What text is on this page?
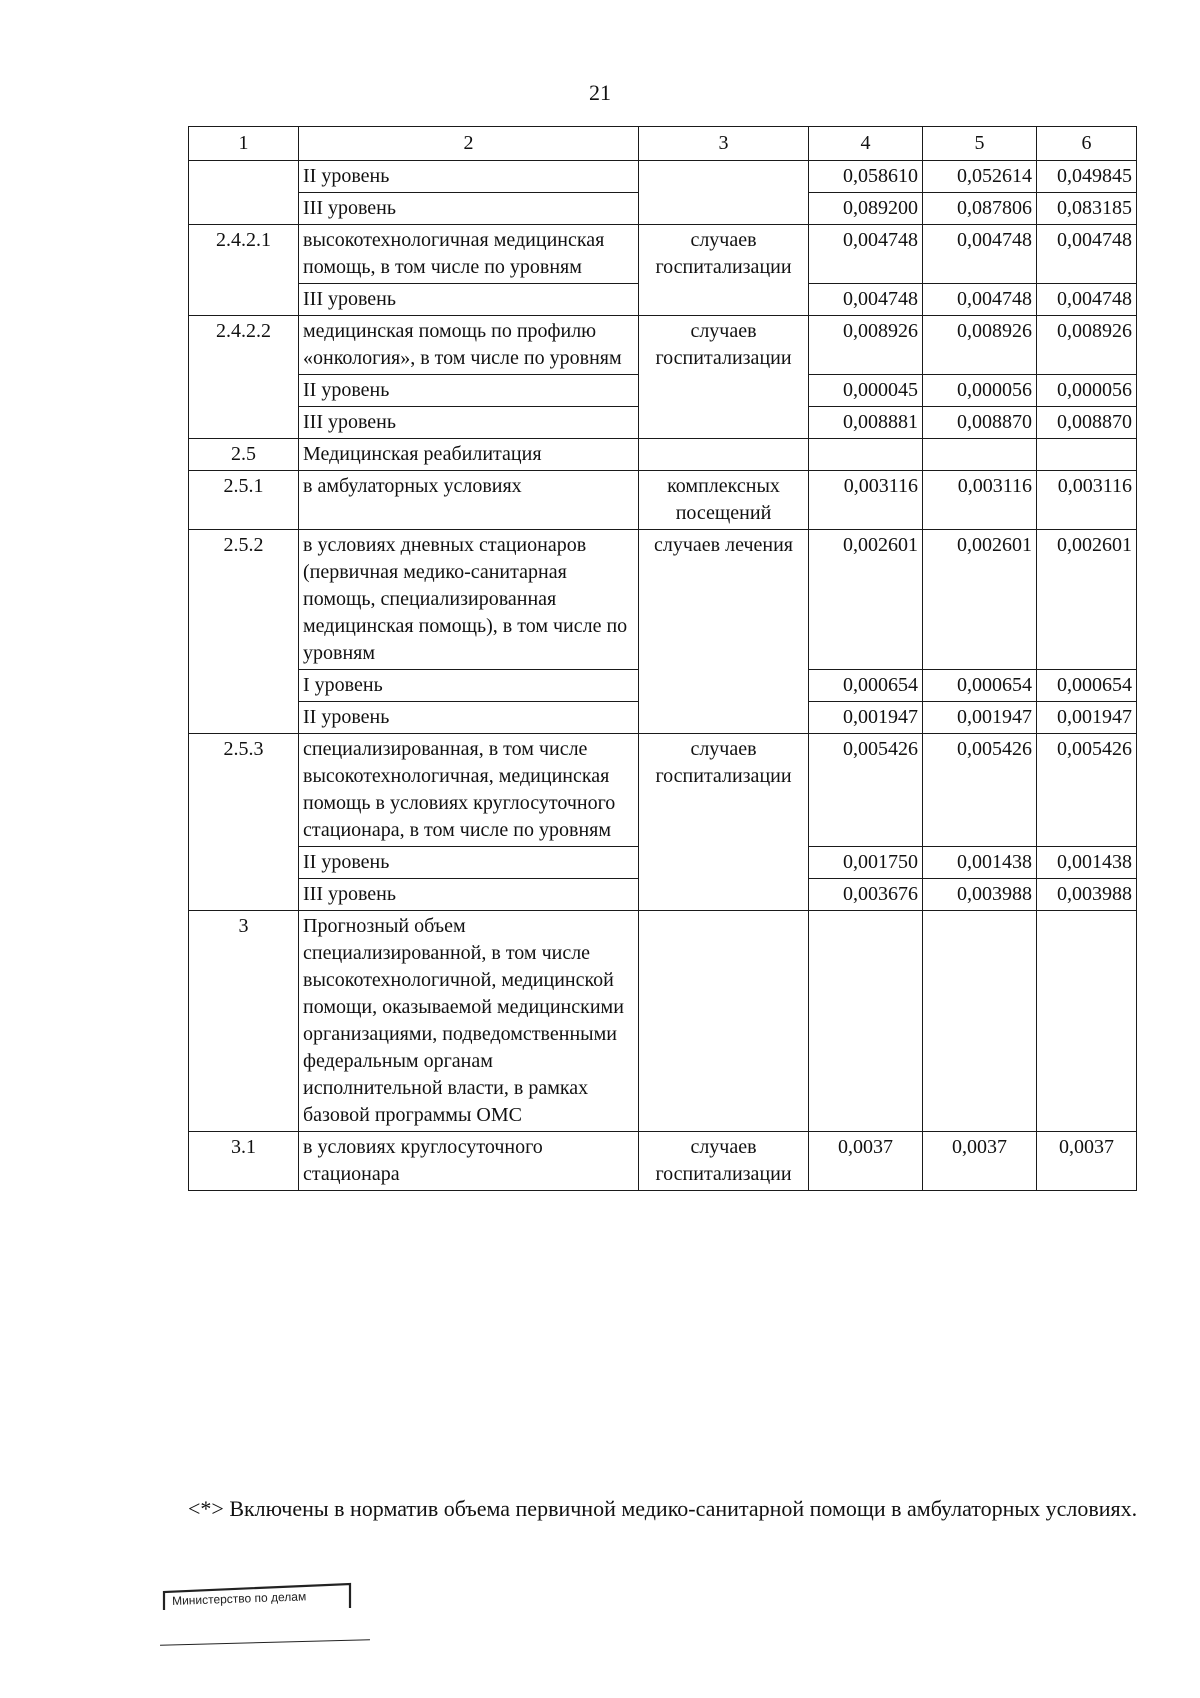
21
1	2	3	4	5	6
	II уровень		0,058610	0,052614	0,049845
	III уровень		0,089200	0,087806	0,083185
2.4.2.1	высокотехнологичная медицинская помощь, в том числе по уровням	случаев госпитализации	0,004748	0,004748	0,004748
	III уровень		0,004748	0,004748	0,004748
2.4.2.2	медицинская помощь по профилю «онкология», в том числе по уровням	случаев госпитализации	0,008926	0,008926	0,008926
	II уровень		0,000045	0,000056	0,000056
	III уровень		0,008881	0,008870	0,008870
2.5	Медицинская реабилитация				
2.5.1	в амбулаторных условиях	комплексных посещений	0,003116	0,003116	0,003116
2.5.2	в условиях дневных стационаров (первичная медико-санитарная помощь, специализированная медицинская помощь), в том числе по уровням	случаев лечения	0,002601	0,002601	0,002601
	I уровень		0,000654	0,000654	0,000654
	II уровень		0,001947	0,001947	0,001947
2.5.3	специализированная, в том числе высокотехнологичная, медицинская помощь в условиях круглосуточного стационара, в том числе по уровням	случаев госпитализации	0,005426	0,005426	0,005426
	II уровень		0,001750	0,001438	0,001438
	III уровень		0,003676	0,003988	0,003988
3	Прогнозный объем специализированной, в том числе высокотехнологичной, медицинской помощи, оказываемой медицинскими организациями, подведомственными федеральным органам исполнительной власти, в рамках базовой программы ОМС				
3.1	в условиях круглосуточного стационара	случаев госпитализации	0,0037	0,0037	0,0037
<*> Включены в норматив объема первичной медико-санитарной помощи в амбулаторных условиях.
Министерство по делам
